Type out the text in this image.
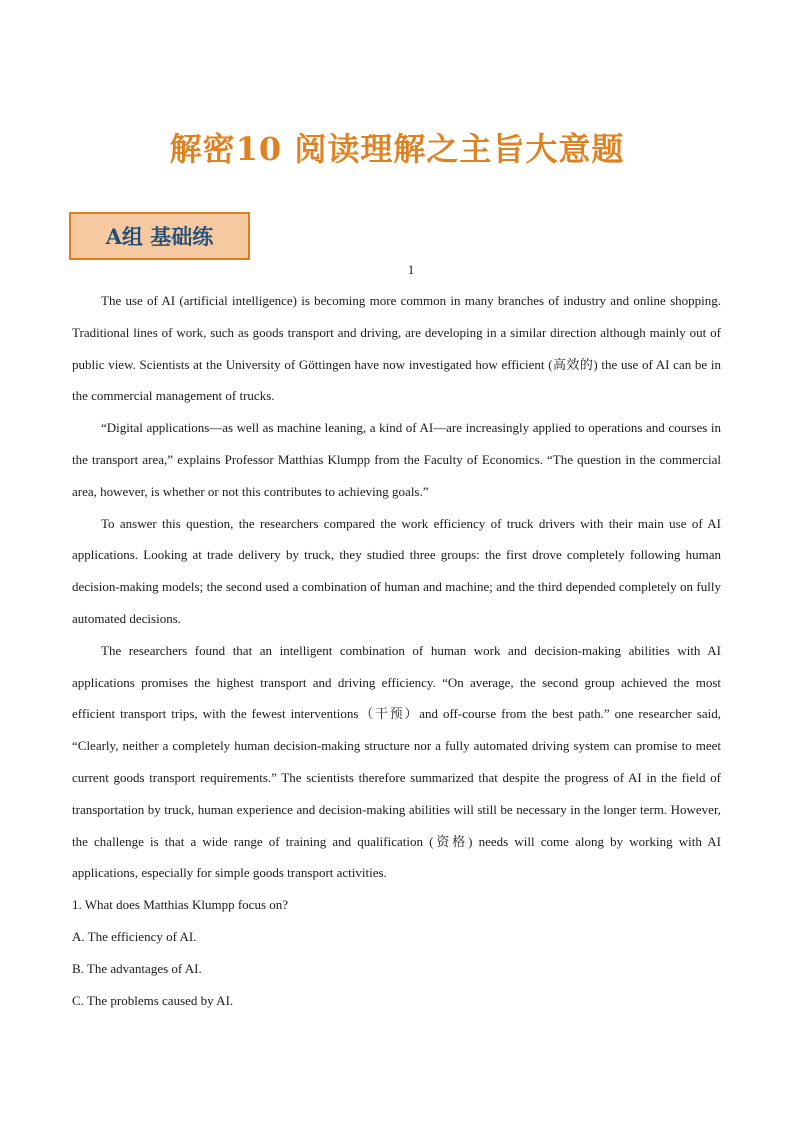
解密10 阅读理解之主旨大意题
A组 基础练
1

The use of AI (artificial intelligence) is becoming more common in many branches of industry and online shopping. Traditional lines of work, such as goods transport and driving, are developing in a similar direction although mainly out of public view. Scientists at the University of Göttingen have now investigated how efficient (高效的) the use of AI can be in the commercial management of trucks.

“Digital applications—as well as machine leaning, a kind of AI—are increasingly applied to operations and courses in the transport area,” explains Professor Matthias Klumpp from the Faculty of Economics. “The question in the commercial area, however, is whether or not this contributes to achieving goals.”

To answer this question, the researchers compared the work efficiency of truck drivers with their main use of AI applications. Looking at trade delivery by truck, they studied three groups: the first drove completely following human decision-making models; the second used a combination of human and machine; and the third depended completely on fully automated decisions.

The researchers found that an intelligent combination of human work and decision-making abilities with AI applications promises the highest transport and driving efficiency. “On average, the second group achieved the most efficient transport trips, with the fewest interventions（干预）and off-course from the best path.” one researcher said, “Clearly, neither a completely human decision-making structure nor a fully automated driving system can promise to meet current goods transport requirements.” The scientists therefore summarized that despite the progress of AI in the field of transportation by truck, human experience and decision-making abilities will still be necessary in the longer term. However, the challenge is that a wide range of training and qualification (资格) needs will come along by working with AI applications, especially for simple goods transport activities.

1. What does Matthias Klumpp focus on?

A. The efficiency of AI.

B. The advantages of AI.

C. The problems caused by AI.
